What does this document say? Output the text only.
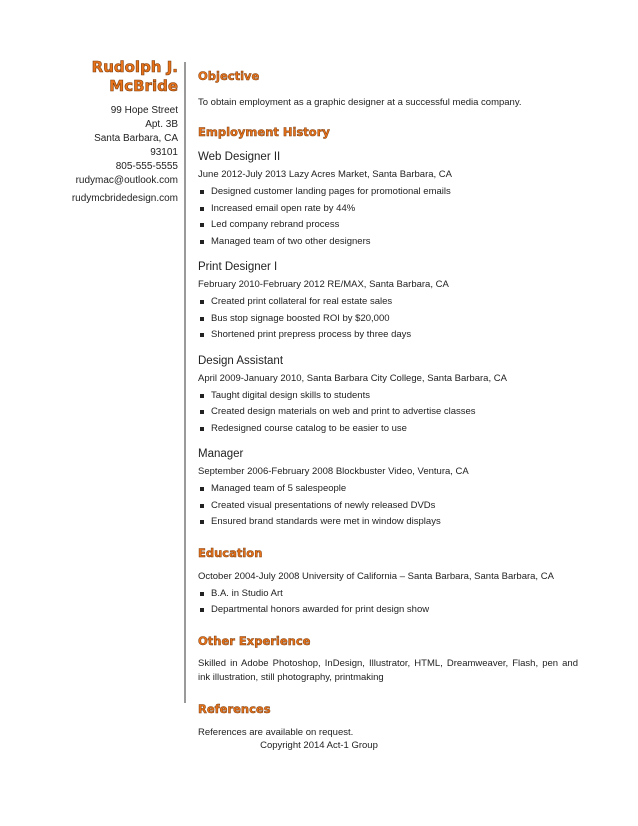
Rudolph J.
McBride
99 Hope Street
Apt. 3B
Santa Barbara, CA
93101
805-555-5555
rudymac@outlook.com
rudymcbridedesign.com
Objective
To obtain employment as a graphic designer at a successful media company.
Employment History
Web Designer II
June 2012-July 2013 Lazy Acres Market, Santa Barbara, CA
Designed customer landing pages for promotional emails
Increased email open rate by 44%
Led company rebrand process
Managed team of two other designers
Print Designer I
February 2010-February 2012 RE/MAX, Santa Barbara, CA
Created print collateral for real estate sales
Bus stop signage boosted ROI by $20,000
Shortened print prepress process by three days
Design Assistant
April 2009-January 2010, Santa Barbara City College, Santa Barbara, CA
Taught digital design skills to students
Created design materials on web and print to advertise classes
Redesigned course catalog to be easier to use
Manager
September 2006-February 2008 Blockbuster Video, Ventura, CA
Managed team of 5 salespeople
Created visual presentations of newly released DVDs
Ensured brand standards were met in window displays
Education
October 2004-July 2008 University of California – Santa Barbara, Santa Barbara, CA
B.A. in Studio Art
Departmental honors awarded for print design show
Other Experience
Skilled in Adobe Photoshop, InDesign, Illustrator, HTML, Dreamweaver, Flash, pen and ink illustration, still photography, printmaking
References
References are available on request.
Copyright 2014 Act-1 Group
